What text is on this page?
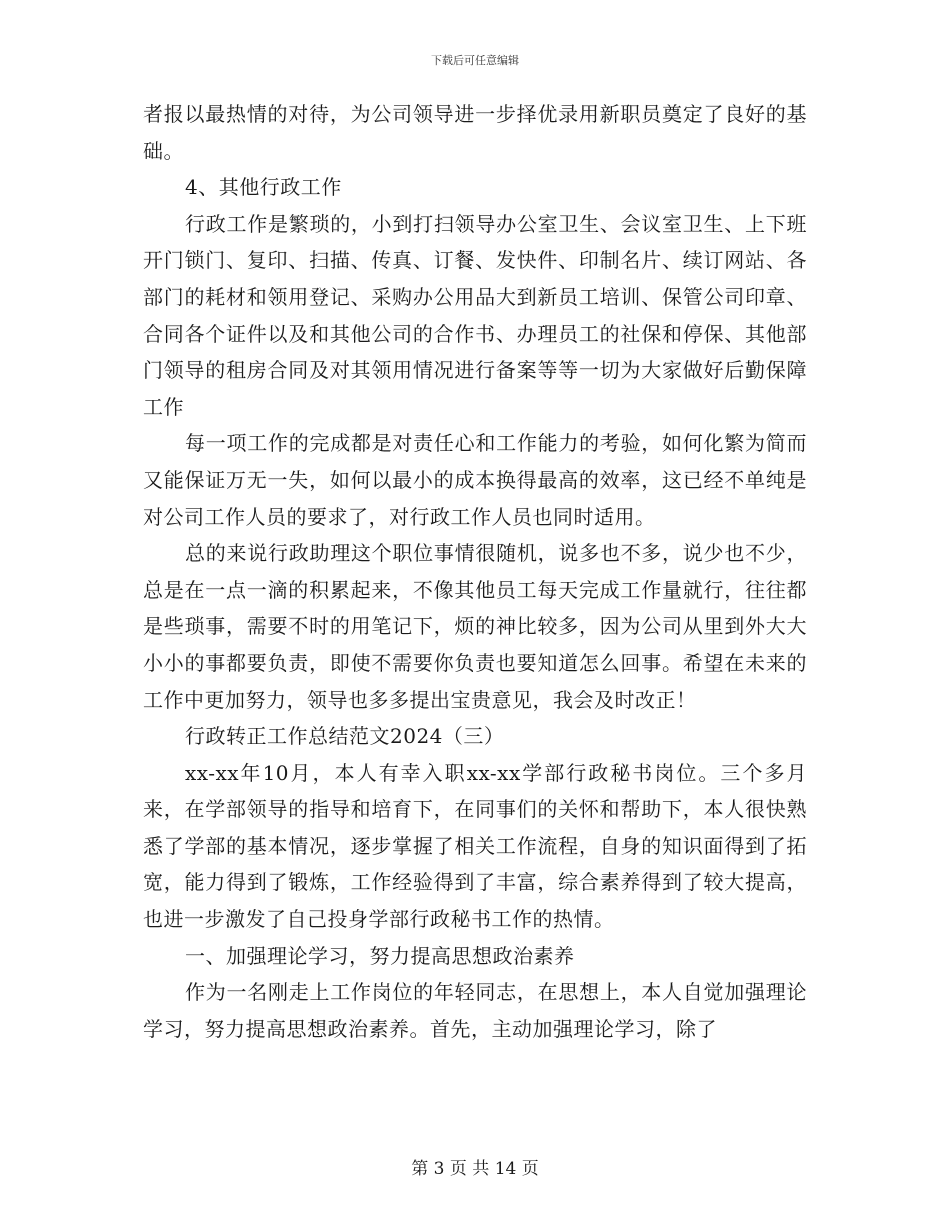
下载后可任意编辑

者报以最热情的对待，为公司领导进一步择优录用新职员奠定了良好的基础。

4、其他行政工作

行政工作是繁琐的，小到打扫领导办公室卫生、会议室卫生、上下班开门锁门、复印、扫描、传真、订餐、发快件、印制名片、续订网站、各部门的耗材和领用登记、采购办公用品大到新员工培训、保管公司印章、合同各个证件以及和其他公司的合作书、办理员工的社保和停保、其他部门领导的租房合同及对其领用情况进行备案等等一切为大家做好后勤保障工作

每一项工作的完成都是对责任心和工作能力的考验，如何化繁为简而又能保证万无一失，如何以最小的成本换得最高的效率，这已经不单纯是对公司工作人员的要求了，对行政工作人员也同时适用。

总的来说行政助理这个职位事情很随机，说多也不多，说少也不少，总是在一点一滴的积累起来，不像其他员工每天完成工作量就行，往往都是些琐事，需要不时的用笔记下，烦的神比较多，因为公司从里到外大大小小的事都要负责，即使不需要你负责也要知道怎么回事。希望在未来的工作中更加努力，领导也多多提出宝贵意见，我会及时改正！

行政转正工作总结范文2024（三）

xx-xx年10月，本人有幸入职xx-xx学部行政秘书岗位。三个多月来，在学部领导的指导和培育下，在同事们的关怀和帮助下，本人很快熟悉了学部的基本情况，逐步掌握了相关工作流程，自身的知识面得到了拓宽，能力得到了锻炼，工作经验得到了丰富，综合素养得到了较大提高，也进一步激发了自己投身学部行政秘书工作的热情。

一、加强理论学习，努力提高思想政治素养

作为一名刚走上工作岗位的年轻同志，在思想上，本人自觉加强理论学习，努力提高思想政治素养。首先，主动加强理论学习，除了

第 3 页 共 14 页
